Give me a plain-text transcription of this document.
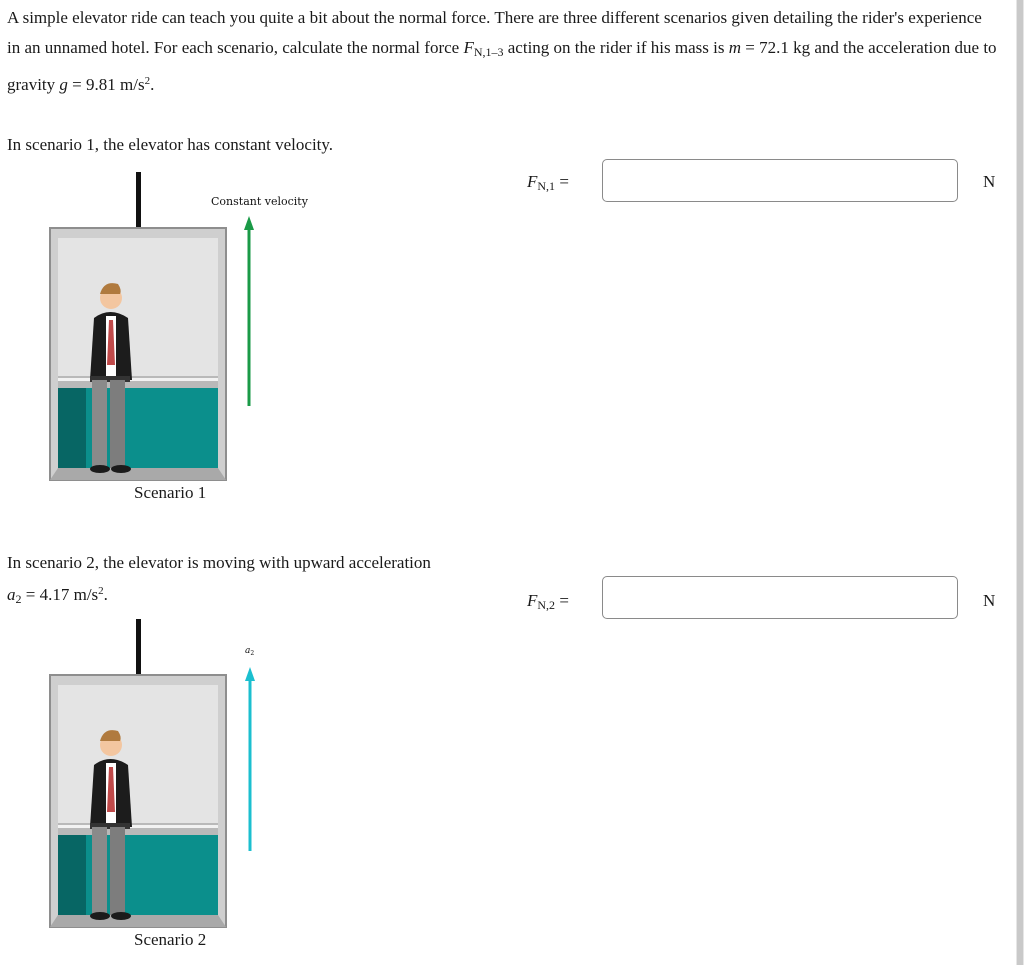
A simple elevator ride can teach you quite a bit about the normal force. There are three different scenarios given detailing the rider's experience in an unnamed hotel. For each scenario, calculate the normal force $F_{N,1-3}$ acting on the rider if his mass is m = 72.1 kg and the acceleration due to gravity g = 9.81 $m/s^2$.
In scenario 1, the elevator has constant velocity.
$F_{N,1}$ =	N
Constant velocity
Scenario 1
In scenario 2, the elevator is moving with upward acceleration
$a_2 = 4.17$ $m/s^2$.	$F_{N,2}$ =	N
$a_2$
Scenario 2
